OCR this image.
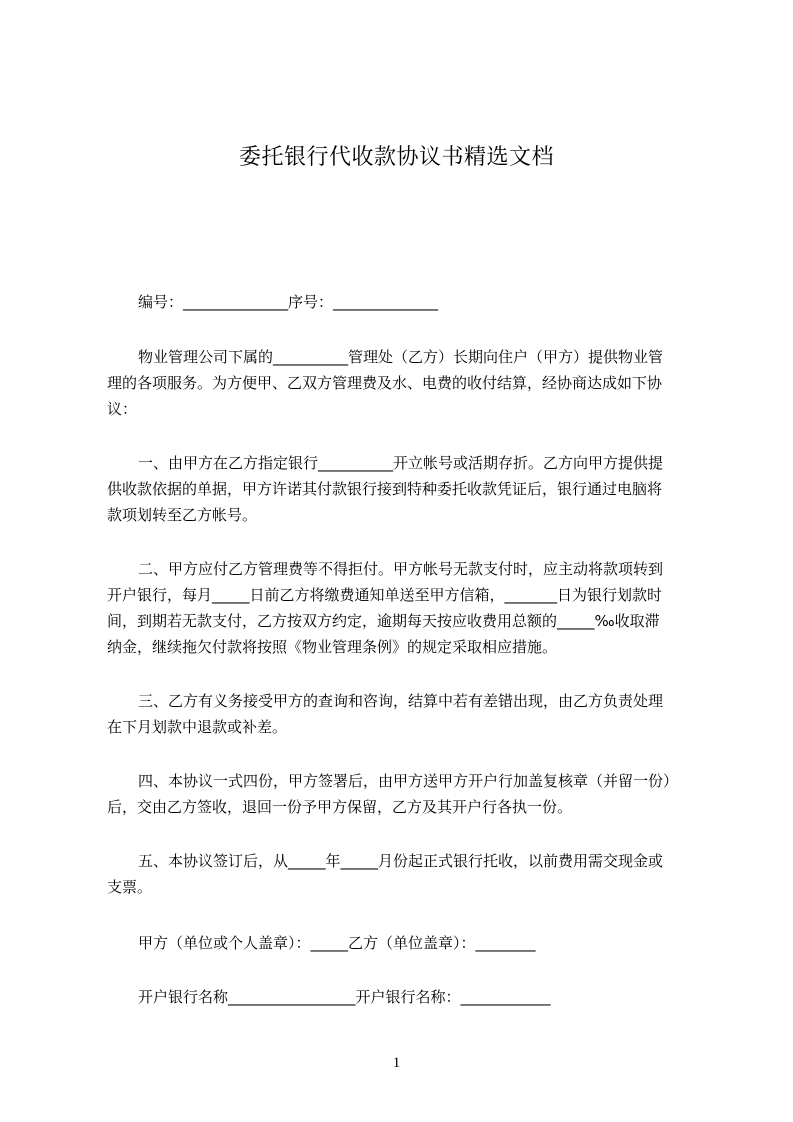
委托银行代收款协议书精选文档
编号：______________序号：______________
物业管理公司下属的__________管理处（乙方）长期向住户（甲方）提供物业管
理的各项服务。为方便甲、乙双方管理费及水、电费的收付结算，经协商达成如下协
议：
一、由甲方在乙方指定银行__________开立帐号或活期存折。乙方向甲方提供提
供收款依据的单据，甲方许诺其付款银行接到特种委托收款凭证后，银行通过电脑将
款项划转至乙方帐号。
二、甲方应付乙方管理费等不得拒付。甲方帐号无款支付时，应主动将款项转到
开户银行，每月_____日前乙方将缴费通知单送至甲方信箱，_______日为银行划款时
间，到期若无款支付，乙方按双方约定，逾期每天按应收费用总额的_____‰收取滞
纳金，继续拖欠付款将按照《物业管理条例》的规定采取相应措施。
三、乙方有义务接受甲方的查询和咨询，结算中若有差错出现，由乙方负责处理
在下月划款中退款或补差。
四、本协议一式四份，甲方签署后，由甲方送甲方开户行加盖复核章（并留一份）
后，交由乙方签收，退回一份予甲方保留，乙方及其开户行各执一份。
五、本协议签订后，从_____年_____月份起正式银行托收，以前费用需交现金或
支票。
甲方（单位或个人盖章）：_____乙方（单位盖章）：________
开户银行名称_________________开户银行名称：____________
1
